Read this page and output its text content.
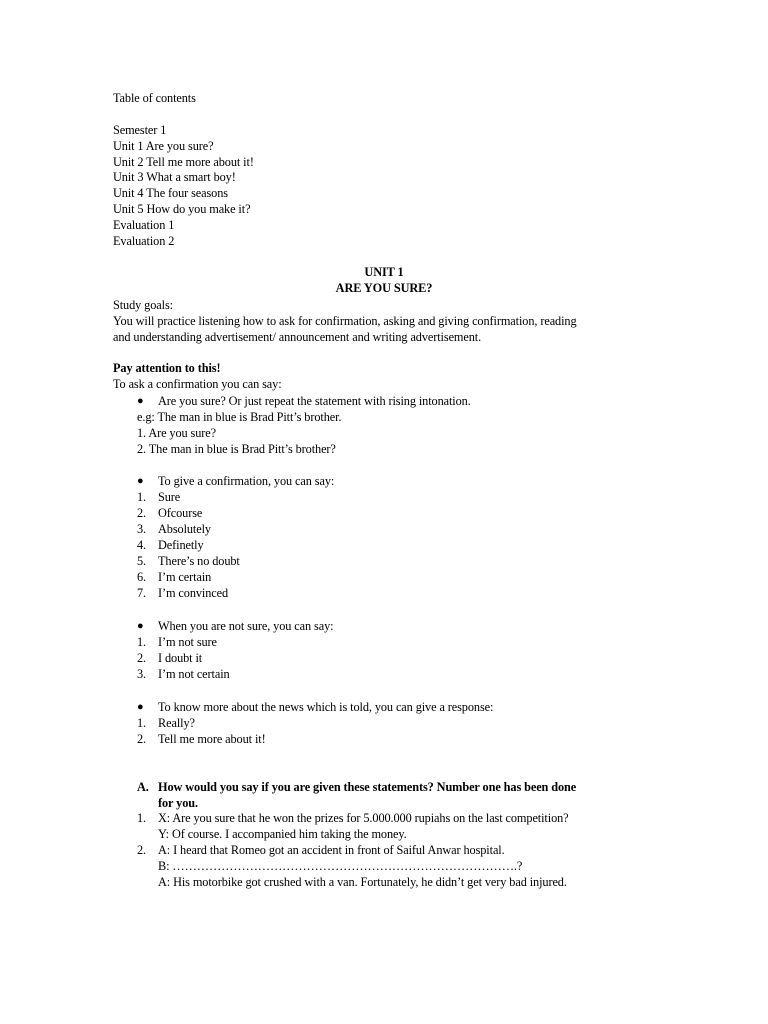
Table of contents
Semester 1
Unit 1 Are you sure?
Unit 2 Tell me more about it!
Unit 3 What a smart boy!
Unit 4 The four seasons
Unit 5 How do you make it?
Evaluation 1
Evaluation 2
UNIT 1
ARE YOU SURE?
Study goals:
You will practice listening how to ask for confirmation, asking and giving confirmation, reading
and understanding advertisement/ announcement and writing advertisement.
Pay attention to this!
To ask a confirmation you can say:
● Are you sure? Or just repeat the statement with rising intonation.
e.g: The man in blue is Brad Pitt’s brother.
1. Are you sure?
2. The man in blue is Brad Pitt’s brother?
● To give a confirmation, you can say:
1. Sure
2. Ofcourse
3. Absolutely
4. Definetly
5. There’s no doubt
6. I’m certain
7. I’m convinced
● When you are not sure, you can say:
1. I’m not sure
2. I doubt it
3. I’m not certain
● To know more about the news which is told, you can give a response:
1. Really?
2. Tell me more about it!
A. How would you say if you are given these statements? Number one has been done
for you.
1. X: Are you sure that he won the prizes for 5.000.000 rupiahs on the last competition?
Y: Of course. I accompanied him taking the money.
2. A: I heard that Romeo got an accident in front of Saiful Anwar hospital.
B: ………………………………………………………………………….?
A: His motorbike got crushed with a van. Fortunately, he didn’t get very bad injured.
